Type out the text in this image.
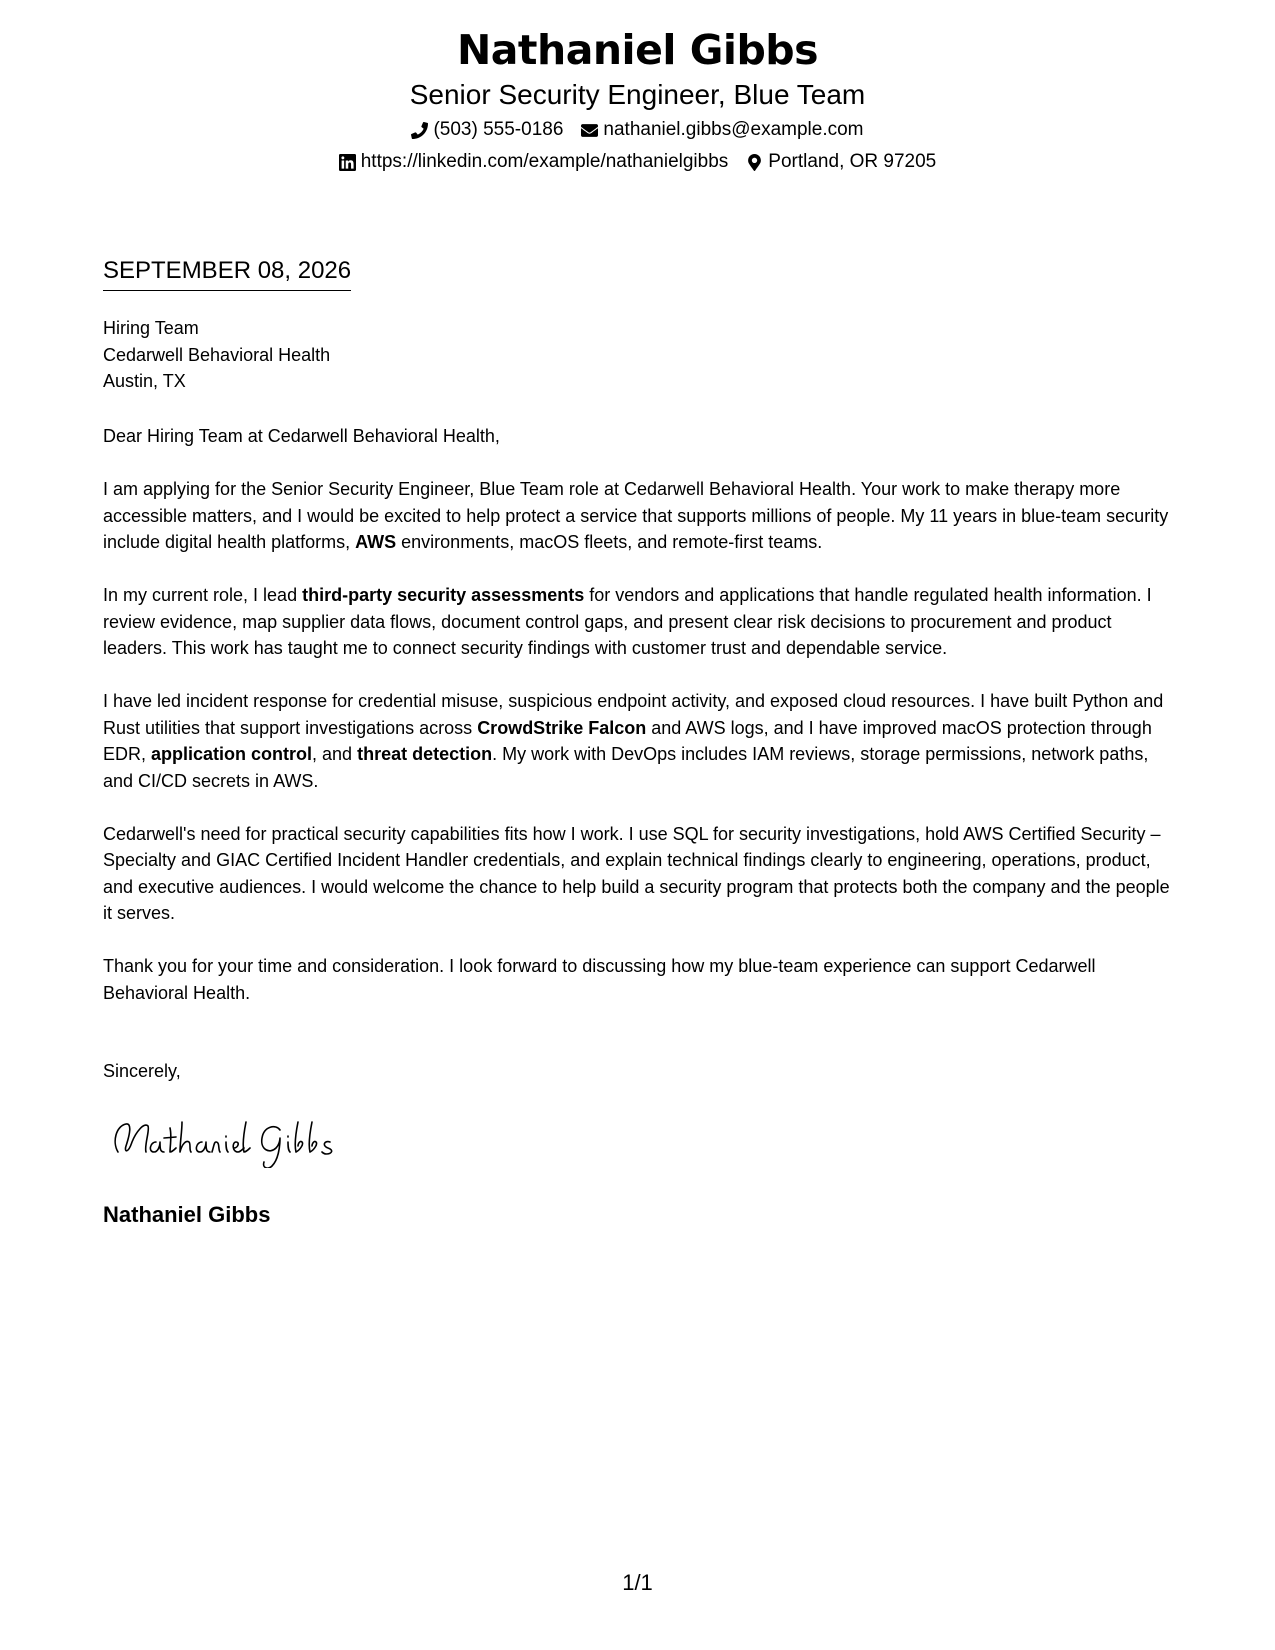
Nathaniel Gibbs
Senior Security Engineer, Blue Team
(503) 555-0186 nathaniel.gibbs@example.com
https://linkedin.com/example/nathanielgibbs Portland, OR 97205
SEPTEMBER 08, 2026
Hiring Team
Cedarwell Behavioral Health
Austin, TX

Dear Hiring Team at Cedarwell Behavioral Health,

I am applying for the Senior Security Engineer, Blue Team role at Cedarwell Behavioral Health. Your work to make therapy more accessible matters, and I would be excited to help protect a service that supports millions of people. My 11 years in blue-team security include digital health platforms, AWS environments, macOS fleets, and remote-first teams.

In my current role, I lead third-party security assessments for vendors and applications that handle regulated health information. I review evidence, map supplier data flows, document control gaps, and present clear risk decisions to procurement and product leaders. This work has taught me to connect security findings with customer trust and dependable service.

I have led incident response for credential misuse, suspicious endpoint activity, and exposed cloud resources. I have built Python and Rust utilities that support investigations across CrowdStrike Falcon and AWS logs, and I have improved macOS protection through EDR, application control, and threat detection. My work with DevOps includes IAM reviews, storage permissions, network paths, and CI/CD secrets in AWS.

Cedarwell's need for practical security capabilities fits how I work. I use SQL for security investigations, hold AWS Certified Security – Specialty and GIAC Certified Incident Handler credentials, and explain technical findings clearly to engineering, operations, product, and executive audiences. I would welcome the chance to help build a security program that protects both the company and the people it serves.

Thank you for your time and consideration. I look forward to discussing how my blue-team experience can support Cedarwell Behavioral Health.

Sincerely,
Nathaniel Gibbs
1/1
